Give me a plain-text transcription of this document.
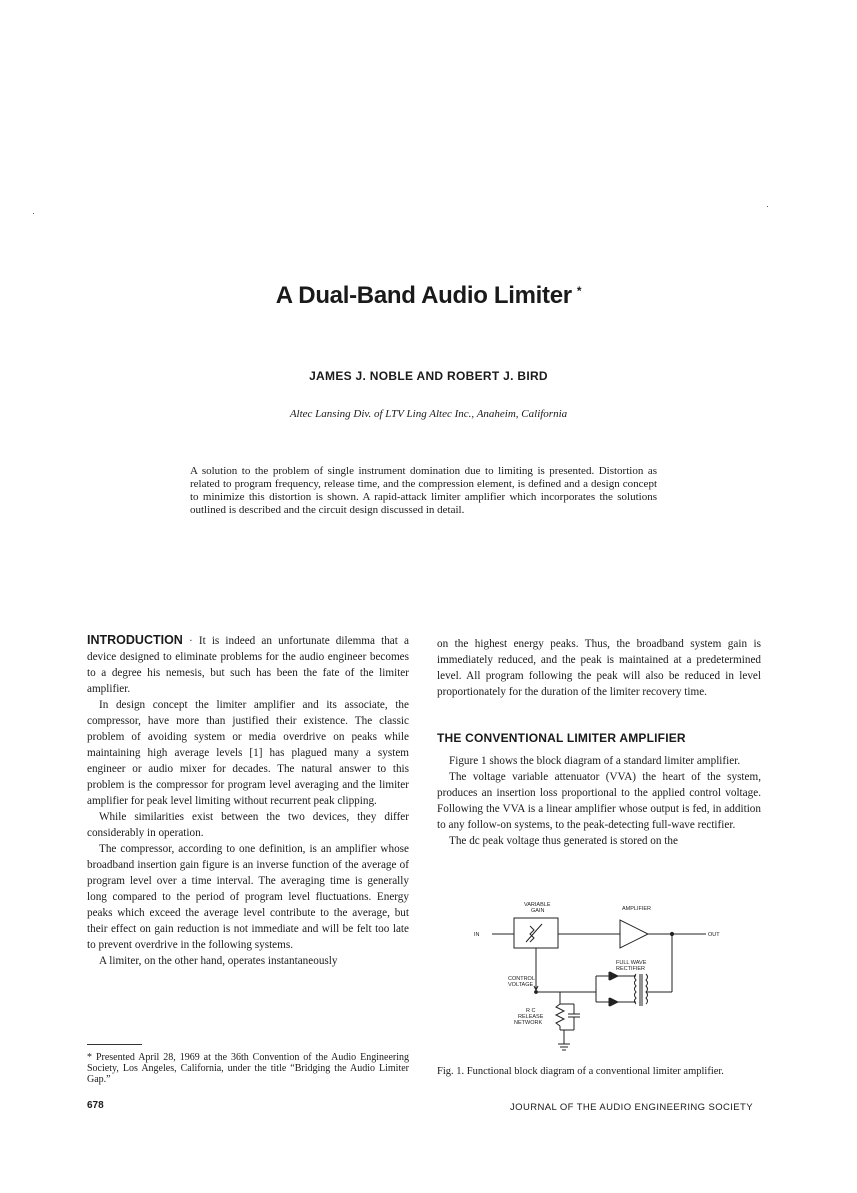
A Dual-Band Audio Limiter *
JAMES J. NOBLE AND ROBERT J. BIRD
Altec Lansing Div. of LTV Ling Altec Inc., Anaheim, California
A solution to the problem of single instrument domination due to limiting is presented. Distortion as related to program frequency, release time, and the compression element, is defined and a design concept to minimize this distortion is shown. A rapid-attack limiter amplifier which incorporates the solutions outlined is described and the circuit design discussed in detail.

INTRODUCTION · It is indeed an unfortunate dilemma that a device designed to eliminate problems for the audio engineer becomes to a degree his nemesis, but such has been the fate of the limiter amplifier.

In design concept the limiter amplifier and its associate, the compressor, have more than justified their existence. The classic problem of avoiding system or media overdrive on peaks while maintaining high average levels [1] has plagued many a system engineer or audio mixer for decades. The natural answer to this problem is the compressor for program level averaging and the limiter amplifier for peak level limiting without recurrent peak clipping.

While similarities exist between the two devices, they differ considerably in operation.

The compressor, according to one definition, is an amplifier whose broadband insertion gain figure is an inverse function of the average of program level over a time interval. The averaging time is generally long compared to the period of program level fluctuations. Energy peaks which exceed the average level contribute to the average, but their effect on gain reduction is not immediate and will be felt too late to prevent overdrive in the following systems.

A limiter, on the other hand, operates instantaneously

on the highest energy peaks. Thus, the broadband system gain is immediately reduced, and the peak is maintained at a predetermined level. All program following the peak will also be reduced in level proportionately for the duration of the limiter recovery time.

THE CONVENTIONAL LIMITER AMPLIFIER

Figure 1 shows the block diagram of a standard limiter amplifier.

The voltage variable attenuator (VVA) the heart of the system, produces an insertion loss proportional to the applied control voltage. Following the VVA is a linear amplifier whose output is fed, in addition to any follow-on systems, to the peak-detecting full-wave rectifier.

The dc peak voltage thus generated is stored on the

VARIABLE
GAIN	AMPLIFIER
IN	OUT
FULL WAVE
RECTIFIER
CONTROL
VOLTAGE
R C
RELEASE
NETWORK
Fig. 1. Functional block diagram of a conventional limiter amplifier.
* Presented April 28, 1969 at the 36th Convention of the Audio Engineering Society, Los Angeles, California, under the title “Bridging the Audio Limiter Gap.”
678	JOURNAL OF THE AUDIO ENGINEERING SOCIETY
